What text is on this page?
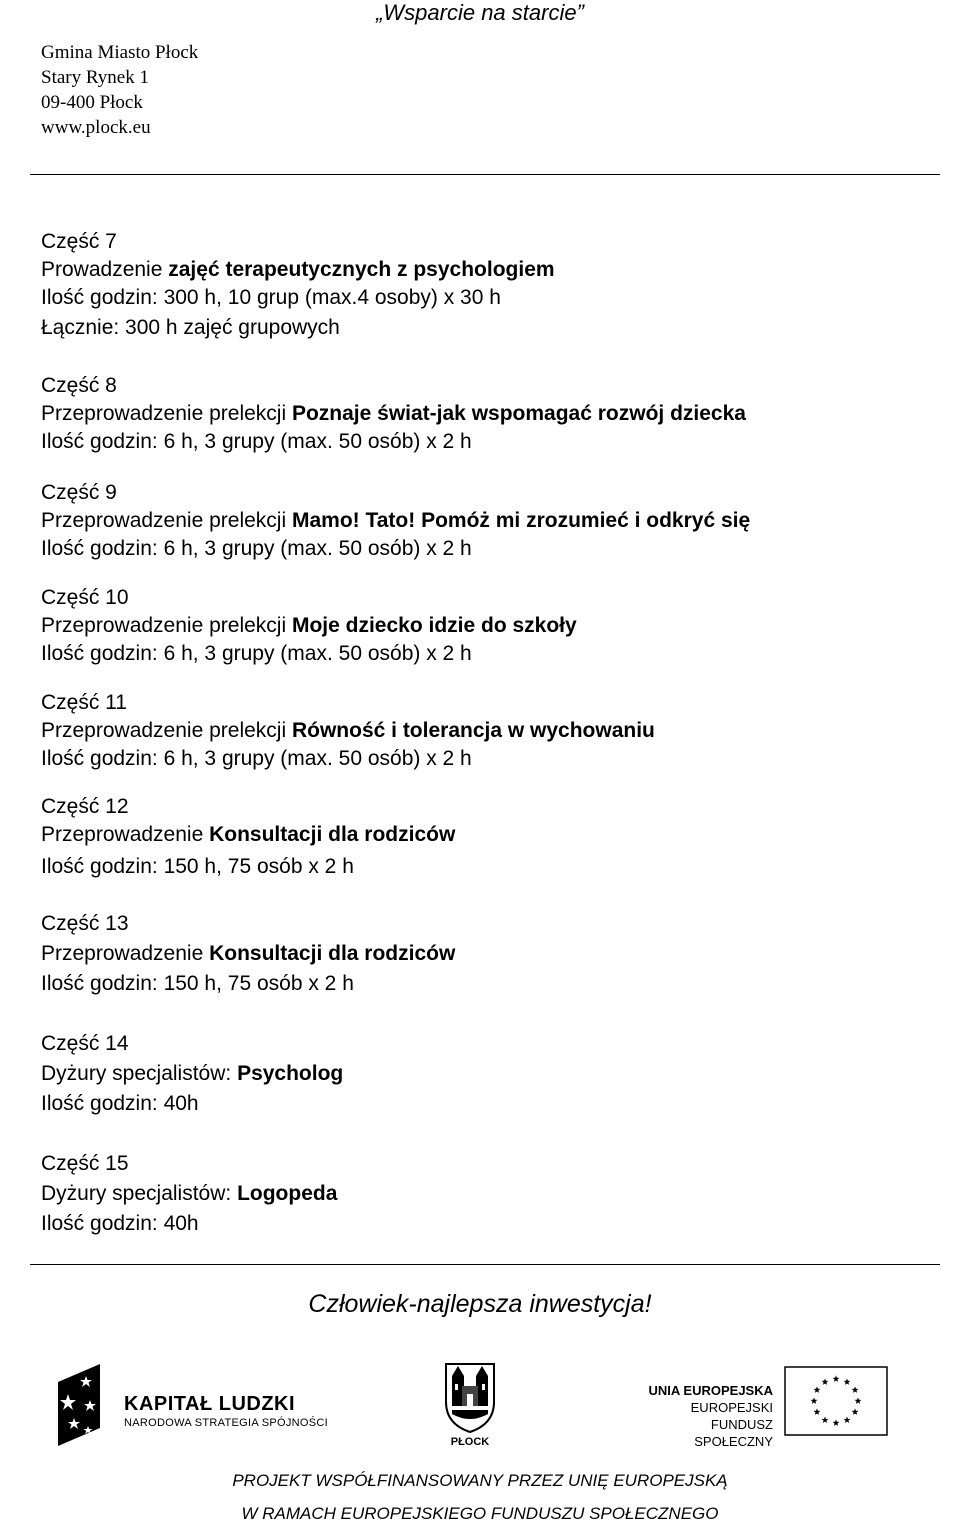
„Wsparcie na starcie”
Gmina Miasto Płock
Stary Rynek 1
09-400 Płock
www.plock.eu
Część 7
Prowadzenie zajęć terapeutycznych z psychologiem
Ilość godzin: 300 h, 10 grup (max.4 osoby) x 30 h
Łącznie: 300 h zajęć grupowych
Część 8
Przeprowadzenie prelekcji Poznaje świat-jak wspomagać rozwój dziecka
Ilość godzin: 6 h, 3 grupy (max. 50 osób) x 2 h
Część 9
Przeprowadzenie prelekcji Mamo! Tato! Pomóż mi zrozumieć i odkryć się
Ilość godzin: 6 h, 3 grupy (max. 50 osób) x 2 h
Część 10
Przeprowadzenie prelekcji Moje dziecko idzie do szkoły
Ilość godzin: 6 h, 3 grupy (max. 50 osób) x 2 h
Część 11
Przeprowadzenie prelekcji Równość i tolerancja w wychowaniu
Ilość godzin: 6 h, 3 grupy (max. 50 osób) x 2 h
Część 12
Przeprowadzenie Konsultacji dla rodziców
Ilość godzin: 150 h, 75 osób x 2 h
Część 13
Przeprowadzenie Konsultacji dla rodziców
Ilość godzin: 150 h, 75 osób x 2 h
Część 14
Dyżury specjalistów: Psycholog
Ilość godzin: 40h
Część 15
Dyżury specjalistów: Logopeda
Ilość godzin: 40h
Człowiek-najlepsza inwestycja!
KAPITAŁ LUDZKI
NARODOWA STRATEGIA SPÓJNOŚCI
PŁOCK
UNIA EUROPEJSKA
EUROPEJSKI
FUNDUSZ SPOŁECZNY
PROJEKT WSPÓŁFINANSOWANY PRZEZ UNIĘ EUROPEJSKĄ
W RAMACH EUROPEJSKIEGO FUNDUSZU SPOŁECZNEGO
